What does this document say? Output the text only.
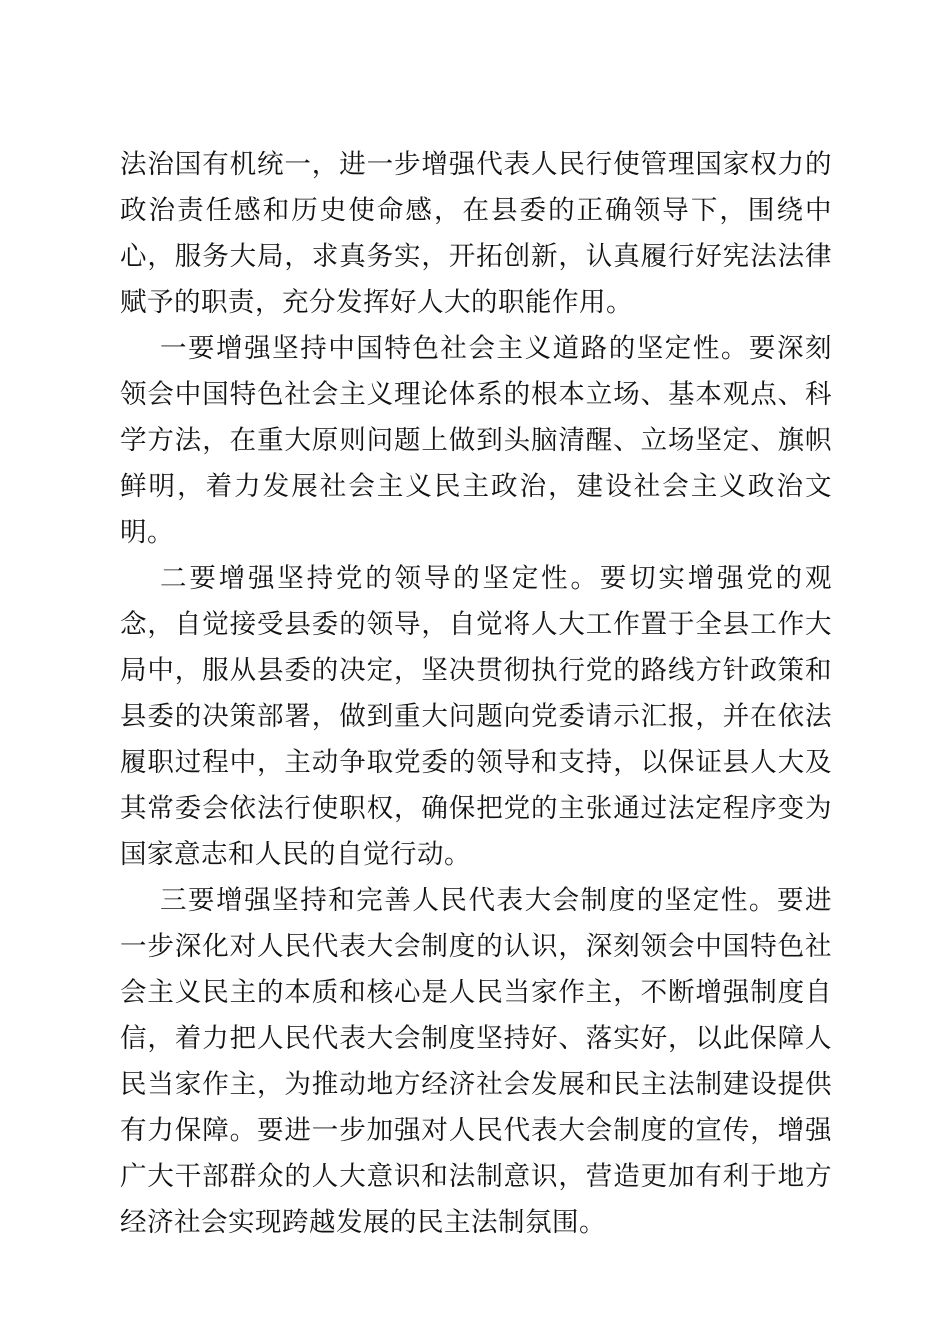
法治国有机统一，进一步增强代表人民行使管理国家权力的政治责任感和历史使命感，在县委的正确领导下，围绕中心，服务大局，求真务实，开拓创新，认真履行好宪法法律赋予的职责，充分发挥好人大的职能作用。

一要增强坚持中国特色社会主义道路的坚定性。要深刻领会中国特色社会主义理论体系的根本立场、基本观点、科学方法，在重大原则问题上做到头脑清醒、立场坚定、旗帜鲜明，着力发展社会主义民主政治，建设社会主义政治文明。

二要增强坚持党的领导的坚定性。要切实增强党的观念，自觉接受县委的领导，自觉将人大工作置于全县工作大局中，服从县委的决定，坚决贯彻执行党的路线方针政策和县委的决策部署，做到重大问题向党委请示汇报，并在依法履职过程中，主动争取党委的领导和支持，以保证县人大及其常委会依法行使职权，确保把党的主张通过法定程序变为国家意志和人民的自觉行动。

三要增强坚持和完善人民代表大会制度的坚定性。要进一步深化对人民代表大会制度的认识，深刻领会中国特色社会主义民主的本质和核心是人民当家作主，不断增强制度自信，着力把人民代表大会制度坚持好、落实好，以此保障人民当家作主，为推动地方经济社会发展和民主法制建设提供有力保障。要进一步加强对人民代表大会制度的宣传，增强广大干部群众的人大意识和法制意识，营造更加有利于地方经济社会实现跨越发展的民主法制氛围。
